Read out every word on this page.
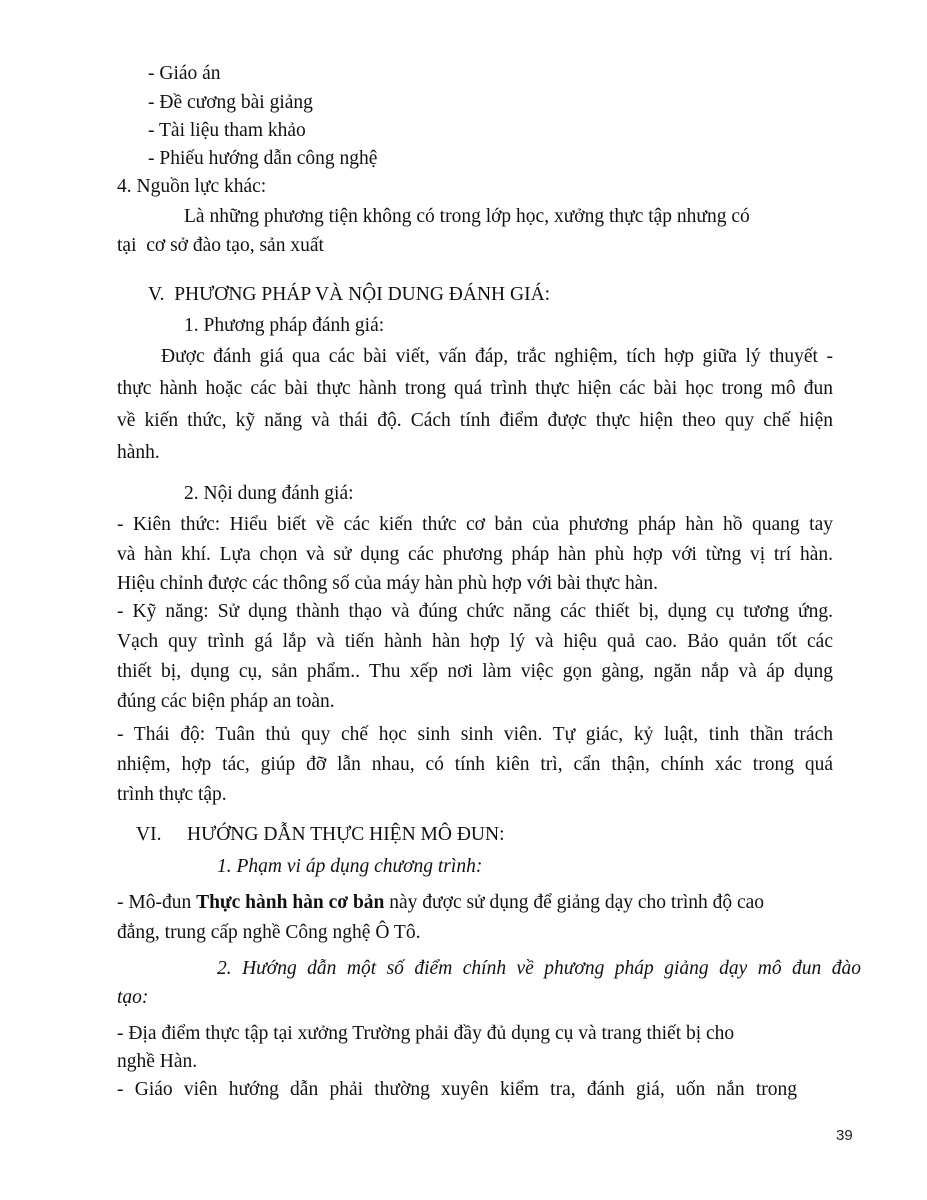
- Giáo án
- Đề cương bài giảng
- Tài liệu tham khảo
- Phiếu hướng dẫn công nghệ
4. Nguồn lực khác:
Là những phương tiện không có trong lớp học, xưởng thực tập nhưng có
tại  cơ sở đào tạo, sản xuất
V.  PHƯƠNG PHÁP VÀ NỘI DUNG ĐÁNH GIÁ:
1. Phương pháp đánh giá:
Được đánh giá qua các bài viết, vấn đáp, trắc nghiệm, tích hợp giữa lý thuyết -
thực hành hoặc các bài thực hành trong quá trình thực hiện các bài học trong mô đun
về kiến thức, kỹ năng và thái độ. Cách tính điểm được thực hiện theo quy chế hiện
hành.
2. Nội dung đánh giá:
- Kiên thức: Hiểu biết về các kiến thức cơ bản của phương pháp hàn hồ quang tay
và hàn khí. Lựa chọn và sử dụng các phương pháp hàn phù hợp với từng vị trí hàn.
Hiệu chỉnh được các thông số của máy hàn phù hợp với bài thực hàn.
- Kỹ năng: Sử dụng thành thạo và đúng chức năng các thiết bị, dụng cụ tương ứng.
Vạch quy trình gá lắp và tiến hành hàn hợp lý và hiệu quả cao. Bảo quản tốt các
thiết bị, dụng cụ, sản phẩm.. Thu xếp nơi làm việc gọn gàng, ngăn nắp và áp dụng
đúng các biện pháp an toàn.
- Thái độ: Tuân thủ quy chế học sinh sinh viên. Tự giác, kỷ luật, tinh thần trách
nhiệm, hợp tác, giúp đỡ lẫn nhau, có tính kiên trì, cẩn thận, chính xác trong quá
trình thực tập.
VI. HƯỚNG DẪN THỰC HIỆN MÔ ĐUN:
1. Phạm vi áp dụng chương trình:
- Mô-đun Thực hành hàn cơ bản này được sử dụng để giảng dạy cho trình độ cao
đẳng, trung cấp nghề Công nghệ Ô Tô.
2. Hướng dẫn một số điểm chính về phương pháp giảng dạy mô đun đào
tạo:
- Địa điểm thực tập tại xưởng Trường phải đầy đủ dụng cụ và trang thiết bị cho
nghề Hàn.
- Giáo viên hướng dẫn phải thường xuyên kiểm tra, đánh giá, uốn nắn trong
39
